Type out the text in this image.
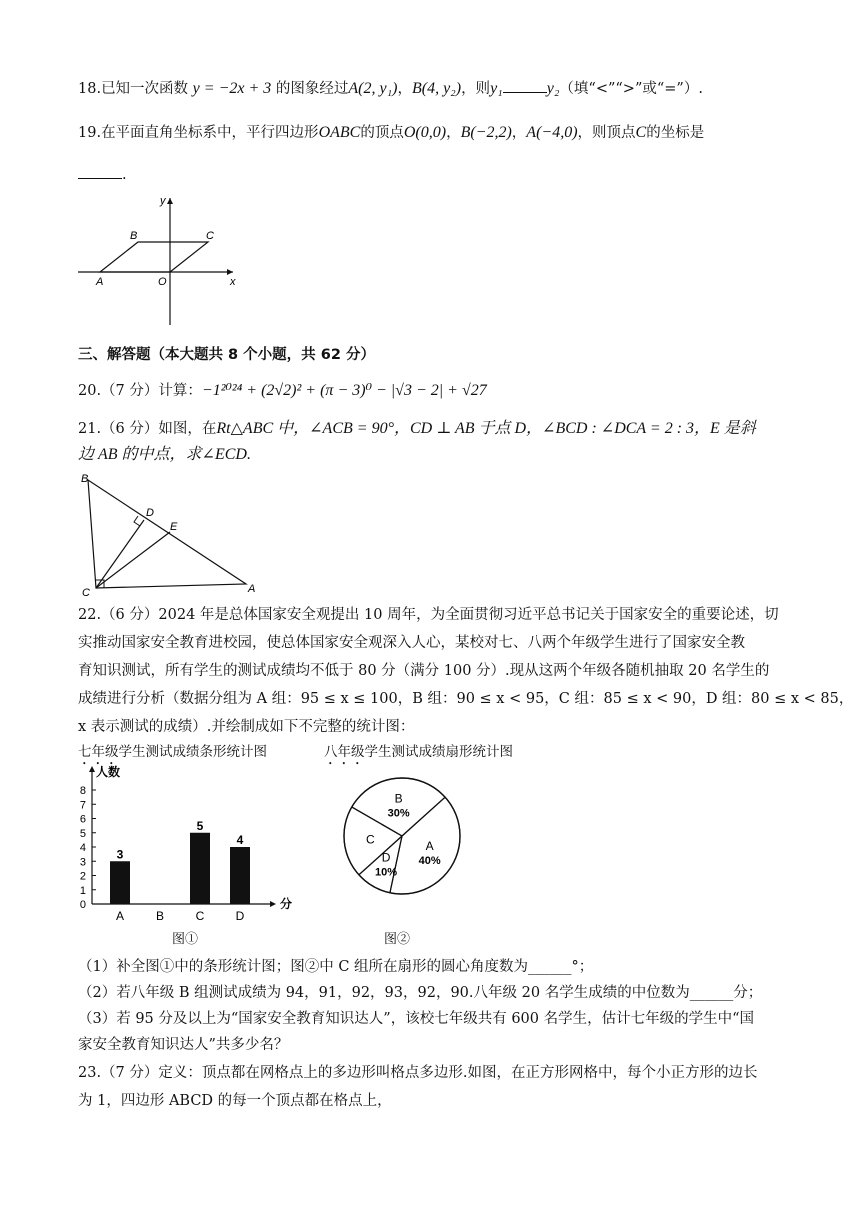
18.已知一次函数 y = −2x + 3 的图象经过A(2, y₁)，B(4, y₂)，则y₁	y₂（填“<”“>”或“=”）.
19.在平面直角坐标系中，平行四边形OABC的顶点O(0,0)，B(−2,2)，A(−4,0)，则顶点C的坐标是
.
y
x
B	C
A	O
三、解答题（本大题共 8 个小题，共 62 分）
20.（7 分）计算：−1²⁰²⁴ + (2√2)² + (π − 3)⁰ − |√3 − 2| + √27
21.（6 分）如图，在Rt△ABC 中，∠ACB = 90°，CD ⊥ AB 于点 D，∠BCD : ∠DCA = 2 : 3，E 是斜
边 AB 的中点，求∠ECD.
B
D
E
C	A
22.（6 分）2024 年是总体国家安全观提出 10 周年，为全面贯彻习近平总书记关于国家安全的重要论述，切
实推动国家安全教育进校园，使总体国家安全观深入人心，某校对七、八两个年级学生进行了国家安全教
育知识测试，所有学生的测试成绩均不低于 80 分（满分 100 分）.现从这两个年级各随机抽取 20 名学生的
成绩进行分析（数据分组为 A 组：95 ≤ x ≤ 100，B 组：90 ≤ x < 95，C 组：85 ≤ x < 90，D 组：80 ≤ x < 85，
x 表示测试的成绩）.并绘制成如下不完整的统计图：
七年级学生测试成绩条形统计图	八年级学生测试成绩扇形统计图
人数
分
0
1
2
3
4
5
6
7
8
3
5
4
A	B	C	D
B
30%
A
40%
D
10%
C
图①	图②
（1）补全图①中的条形统计图；图②中 C 组所在扇形的圆心角度数为______°；
（2）若八年级 B 组测试成绩为 94，91，92，93，92，90.八年级 20 名学生成绩的中位数为______分；
（3）若 95 分及以上为“国家安全教育知识达人”，该校七年级共有 600 名学生，估计七年级的学生中“国
家安全教育知识达人”共多少名？
23.（7 分）定义：顶点都在网格点上的多边形叫格点多边形.如图，在正方形网格中，每个小正方形的边长
为 1，四边形 ABCD 的每一个顶点都在格点上，
